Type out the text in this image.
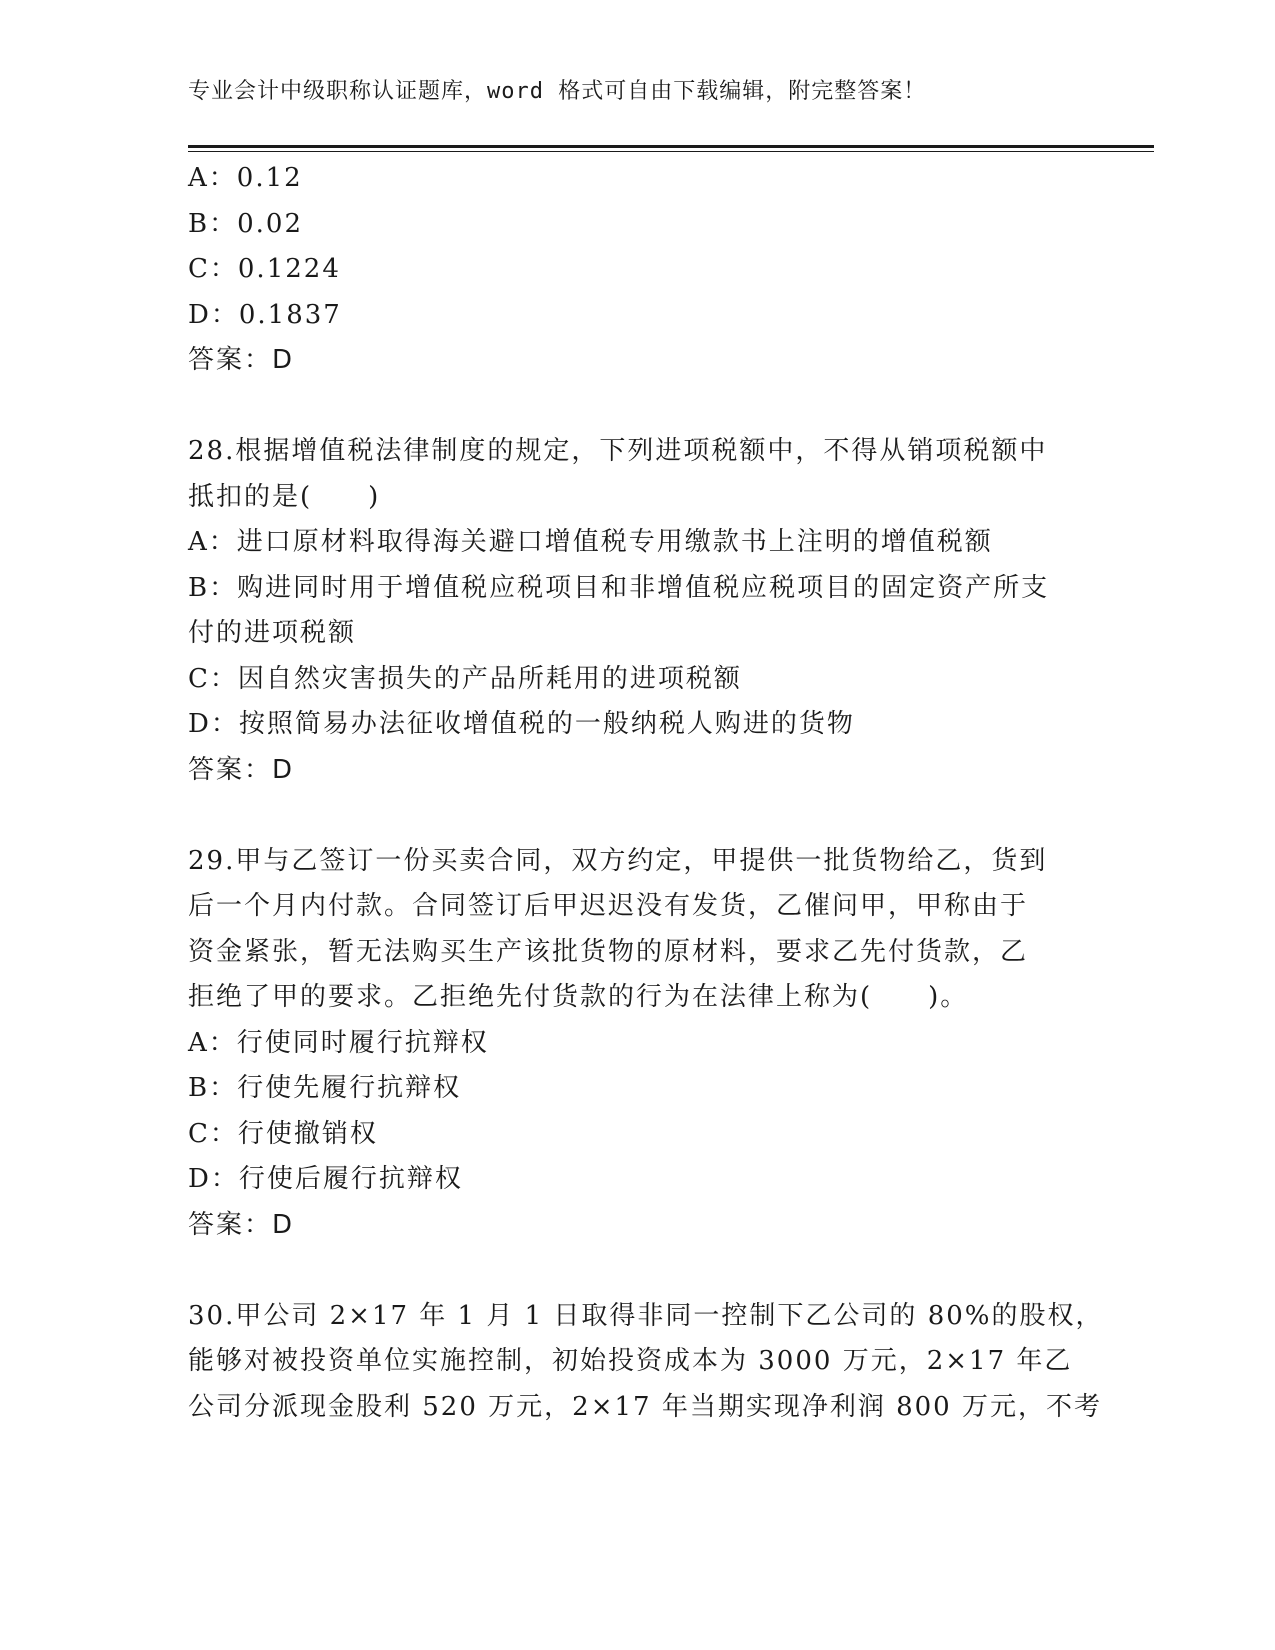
专业会计中级职称认证题库，word 格式可自由下载编辑，附完整答案！

A：0.12

B：0.02

C：0.1224

D：0.1837

答案：D

28.根据增值税法律制度的规定，下列进项税额中，不得从销项税额中

抵扣的是(　　)

A：进口原材料取得海关避口增值税专用缴款书上注明的增值税额

B：购进同时用于增值税应税项目和非增值税应税项目的固定资产所支

付的进项税额

C：因自然灾害损失的产品所耗用的进项税额

D：按照简易办法征收增值税的一般纳税人购进的货物

答案：D

29.甲与乙签订一份买卖合同，双方约定，甲提供一批货物给乙，货到

后一个月内付款。合同签订后甲迟迟没有发货，乙催问甲，甲称由于

资金紧张，暂无法购买生产该批货物的原材料，要求乙先付货款，乙

拒绝了甲的要求。乙拒绝先付货款的行为在法律上称为(　　)。

A：行使同时履行抗辩权

B：行使先履行抗辩权

C：行使撤销权

D：行使后履行抗辩权

答案：D

30.甲公司 2×17 年 1 月 1 日取得非同一控制下乙公司的 80%的股权，

能够对被投资单位实施控制，初始投资成本为 3000 万元，2×17 年乙

公司分派现金股利 520 万元，2×17 年当期实现净利润 800 万元，不考
